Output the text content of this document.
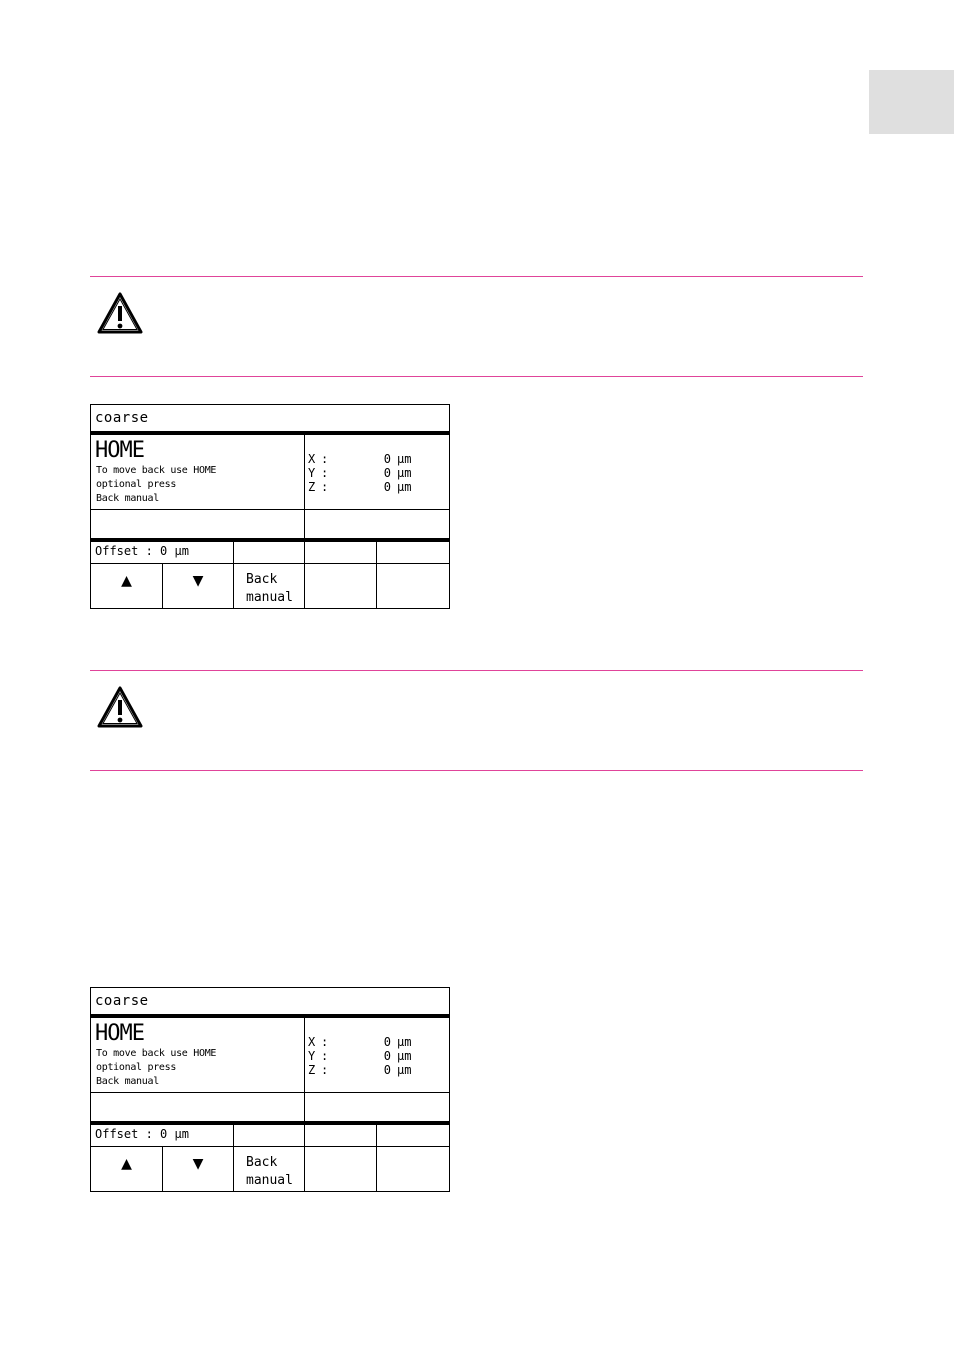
coarse
HOME
To move back use HOME
optional press
Back manual
X :	0 µm
Y :	0 µm
Z :	0 µm
Offset : 0 µm
▲	▼	Back
manual
coarse
HOME
To move back use HOME
optional press
Back manual
X :	0 µm
Y :	0 µm
Z :	0 µm
Offset : 0 µm
▲	▼	Back
manual
